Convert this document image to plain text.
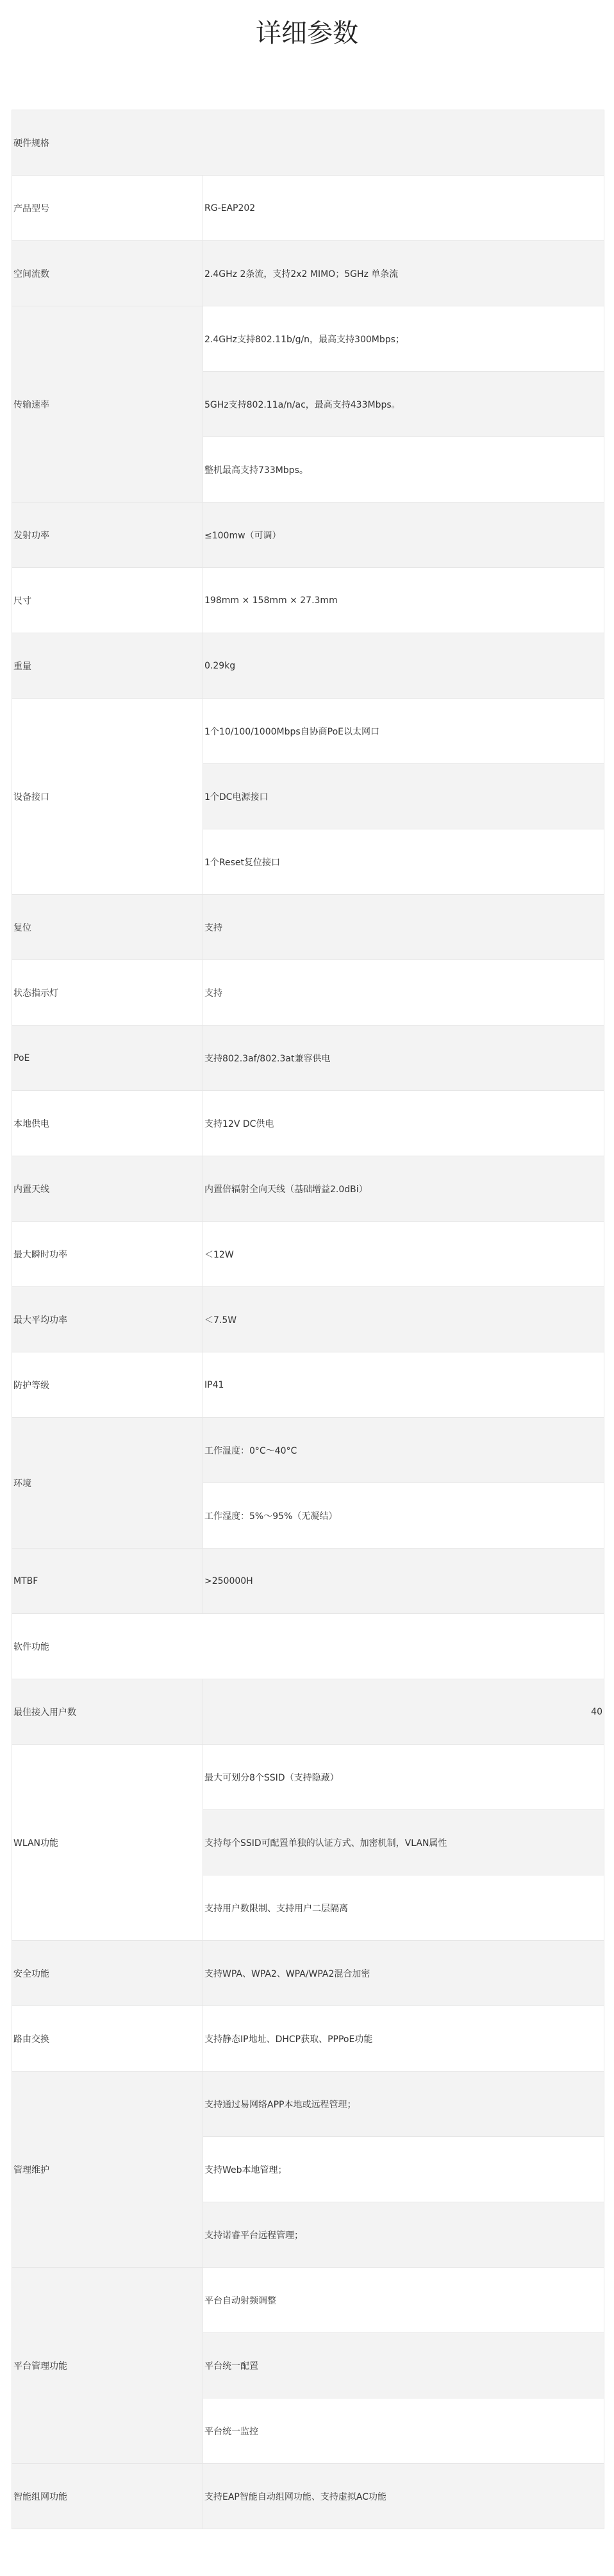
详细参数
硬件规格	
产品型号	RG-EAP202
空间流数	2.4GHz 2条流，支持2x2 MIMO；5GHz 单条流
传输速率	2.4GHz支持802.11b/g/n，最高支持300Mbps；
	5GHz支持802.11a/n/ac，最高支持433Mbps。
	整机最高支持733Mbps。
发射功率	≤100mw（可调）
尺寸	198mm × 158mm × 27.3mm
重量	0.29kg
设备接口	1个10/100/1000Mbps自协商PoE以太网口
	1个DC电源接口
	1个Reset复位接口
复位	支持
状态指示灯	支持
PoE	支持802.3af/802.3at兼容供电
本地供电	支持12V DC供电
内置天线	内置倍辐射全向天线（基础增益2.0dBi）
最大瞬时功率	＜12W
最大平均功率	＜7.5W
防护等级	IP41
环境	工作温度：0°C～40°C
	工作湿度：5%～95%（无凝结）
MTBF	>250000H
软件功能	
最佳接入用户数	40
WLAN功能	最大可划分8个SSID（支持隐藏）
	支持每个SSID可配置单独的认证方式、加密机制，VLAN属性
	支持用户数限制、支持用户二层隔离
安全功能	支持WPA、WPA2、WPA/WPA2混合加密
路由交换	支持静态IP地址、DHCP获取、PPPoE功能
管理维护	支持通过易网络APP本地或远程管理；
	支持Web本地管理；
	支持诺睿平台远程管理；
平台管理功能	平台自动射频调整
	平台统一配置
	平台统一监控
智能组网功能	支持EAP智能自动组网功能、支持虚拟AC功能
